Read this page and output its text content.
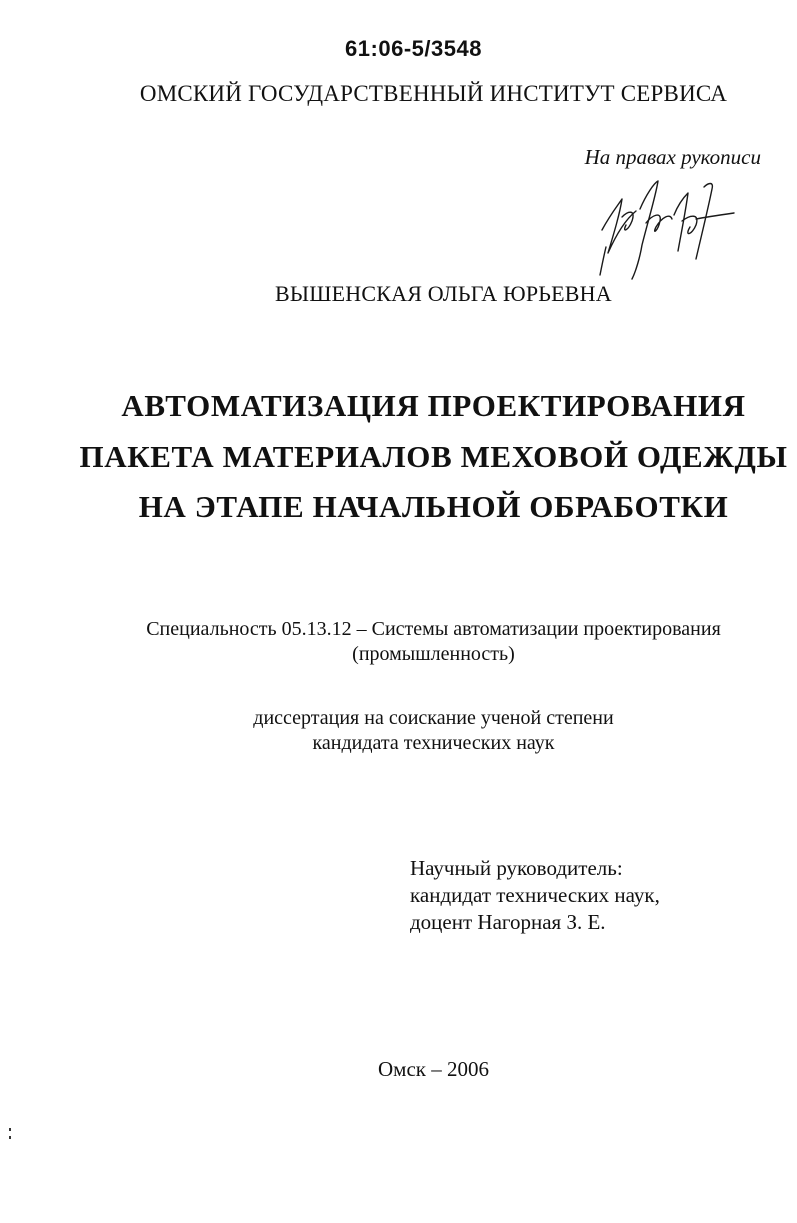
61:06-5/3548
ОМСКИЙ ГОСУДАРСТВЕННЫЙ ИНСТИТУТ СЕРВИСА
На правах рукописи
ВЫШЕНСКАЯ ОЛЬГА ЮРЬЕВНА
АВТОМАТИЗАЦИЯ ПРОЕКТИРОВАНИЯ
ПАКЕТА МАТЕРИАЛОВ МЕХОВОЙ ОДЕЖДЫ
НА ЭТАПЕ НАЧАЛЬНОЙ ОБРАБОТКИ
Специальность 05.13.12 – Системы автоматизации проектирования
(промышленность)
диссертация на соискание ученой степени
кандидата технических наук
Научный руководитель:
кандидат технических наук,
доцент Нагорная З. Е.
Омск – 2006
